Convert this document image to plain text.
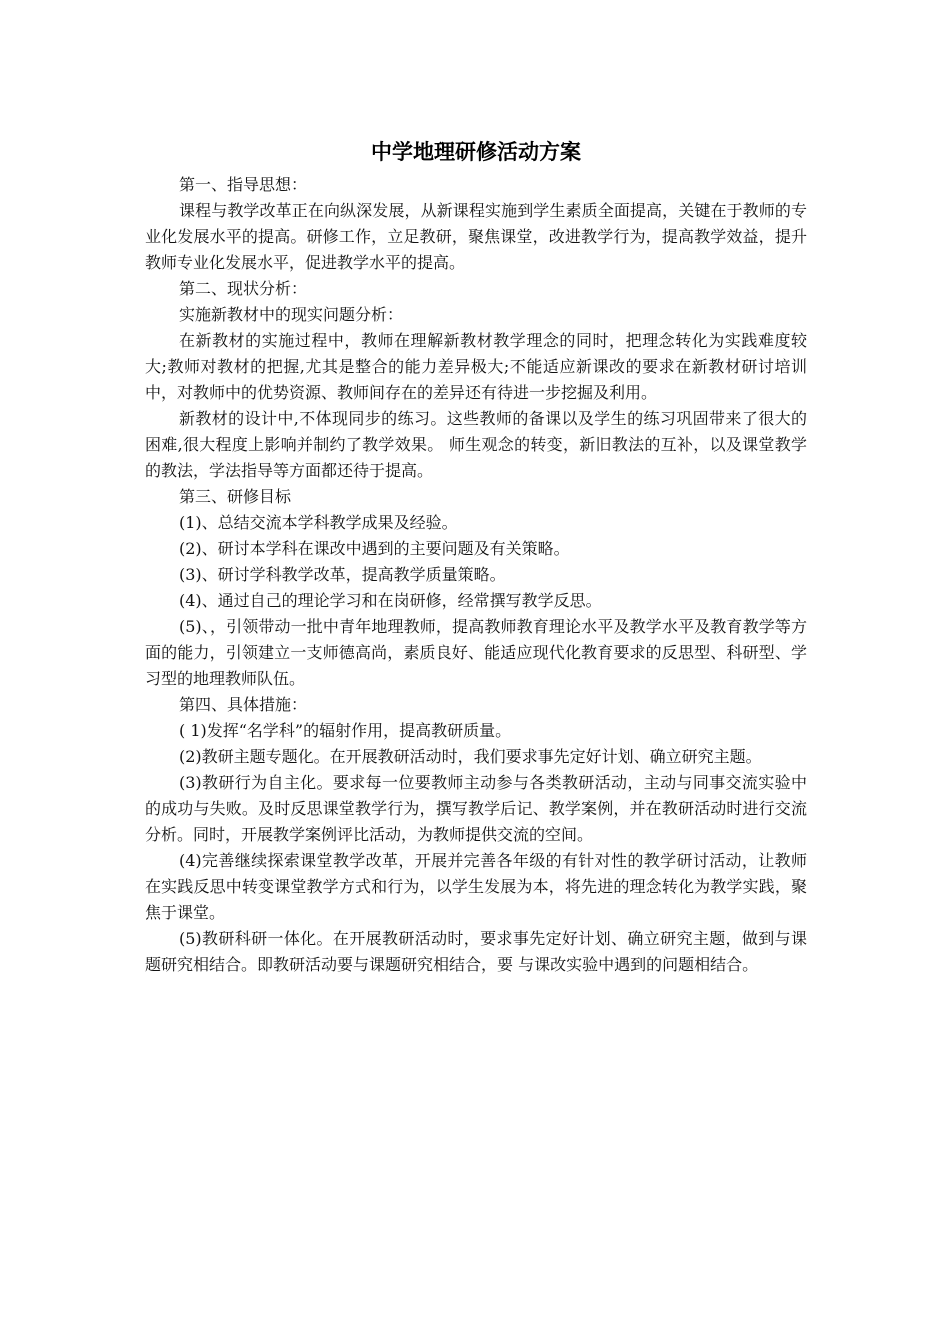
中学地理研修活动方案

第一、指导思想：

课程与教学改革正在向纵深发展，从新课程实施到学生素质全面提高，关键在于教师的专业化发展水平的提高。研修工作，立足教研，聚焦课堂，改进教学行为，提高教学效益，提升教师专业化发展水平，促进教学水平的提高。

第二、现状分析：

实施新教材中的现实问题分析：

在新教材的实施过程中，教师在理解新教材教学理念的同时，把理念转化为实践难度较大;教师对教材的把握,尤其是整合的能力差异极大;不能适应新课改的要求在新教材研讨培训中，对教师中的优势资源、教师间存在的差异还有待进一步挖掘及利用。

新教材的设计中,不体现同步的练习。这些教师的备课以及学生的练习巩固带来了很大的困难,很大程度上影响并制约了教学效果。 师生观念的转变，新旧教法的互补，以及课堂教学的教法，学法指导等方面都还待于提高。

第三、研修目标

(1)、总结交流本学科教学成果及经验。

(2)、研讨本学科在课改中遇到的主要问题及有关策略。

(3)、研讨学科教学改革，提高教学质量策略。

(4)、通过自己的理论学习和在岗研修，经常撰写教学反思。

(5)、，引领带动一批中青年地理教师，提高教师教育理论水平及教学水平及教育教学等方面的能力，引领建立一支师德高尚，素质良好、能适应现代化教育要求的反思型、科研型、学习型的地理教师队伍。

第四、具体措施：

( 1)发挥“名学科”的辐射作用，提高教研质量。

(2)教研主题专题化。在开展教研活动时，我们要求事先定好计划、确立研究主题。

(3)教研行为自主化。要求每一位要教师主动参与各类教研活动，主动与同事交流实验中的成功与失败。及时反思课堂教学行为，撰写教学后记、教学案例，并在教研活动时进行交流分析。同时，开展教学案例评比活动，为教师提供交流的空间。

(4)完善继续探索课堂教学改革，开展并完善各年级的有针对性的教学研讨活动，让教师在实践反思中转变课堂教学方式和行为，以学生发展为本，将先进的理念转化为教学实践，聚焦于课堂。

(5)教研科研一体化。在开展教研活动时，要求事先定好计划、确立研究主题，做到与课题研究相结合。即教研活动要与课题研究相结合，要 与课改实验中遇到的问题相结合。
